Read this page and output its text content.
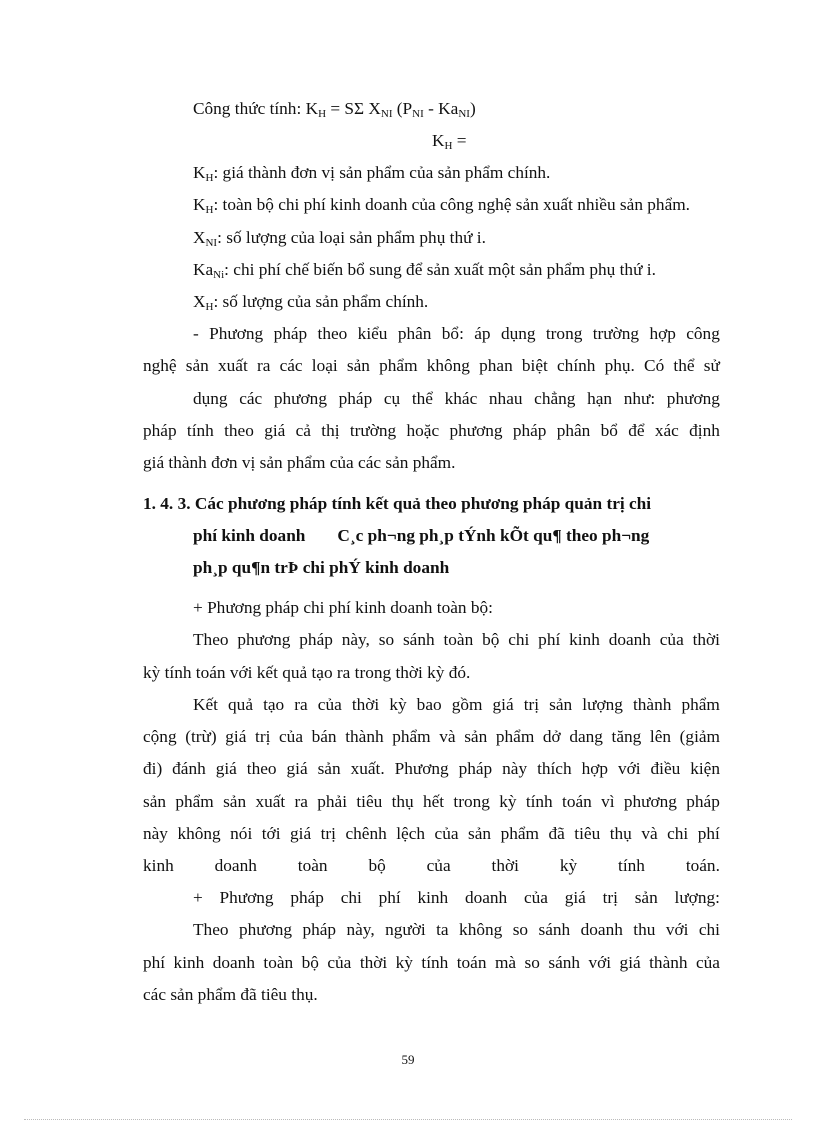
Công thức tính: $K_H = S\Sigma$ $X_{NI}$ $(P_{NI} - Ka_{NI})$

$K_H$ =

$K_H$: giá thành đơn vị sản phẩm của sản phẩm chính.

$K_H$: toàn bộ chi phí kinh doanh của công nghệ sản xuất nhiều sản phẩm.

$X_{NI}$: số lượng của loại sản phẩm phụ thứ i.

$Ka_{Ni}$: chi phí chế biến bổ sung để sản xuất một sản phẩm phụ thứ i.

$X_H$: số lượng của sản phẩm chính.

- Phương pháp theo kiểu phân bổ: áp dụng trong trường hợp công

nghệ sản xuất ra các loại sản phẩm không phan biệt chính phụ. Có thể sử

dụng các phương pháp cụ thể khác nhau chẳng hạn như: phương

pháp tính theo giá cả thị trường hoặc phương pháp phân bổ để xác định

giá thành đơn vị sản phẩm của các sản phẩm.

1. 4. 3. Các phương pháp tính kết quả theo phương pháp quản trị chi

phí kinh doanh C¸c ph¬ng ph¸p tÝnh kÕt qu¶ theo ph¬ng

ph¸p qu¶n trÞ chi phÝ kinh doanh

+ Phương pháp chi phí kinh doanh toàn bộ:

Theo phương pháp này, so sánh toàn bộ chi phí kinh doanh của thời

kỳ tính toán với kết quả tạo ra trong thời kỳ đó.

Kết quả tạo ra của thời kỳ bao gồm giá trị sản lượng thành phẩm

cộng (trừ) giá trị của bán thành phẩm và sản phẩm dở dang tăng lên (giảm

đi) đánh giá theo giá sản xuất. Phương pháp này thích hợp với điều kiện

sản phẩm sản xuất ra phải tiêu thụ hết trong kỳ tính toán vì phương pháp

này không nói tới giá trị chênh lệch của sản phẩm đã tiêu thụ và chi phí

kinh doanh toàn bộ của thời kỳ tính toán.

+ Phương pháp chi phí kinh doanh của giá trị sản lượng:

Theo phương pháp này, người ta không so sánh doanh thu với chi

phí kinh doanh toàn bộ của thời kỳ tính toán mà so sánh với giá thành của

các sản phẩm đã tiêu thụ.

59
